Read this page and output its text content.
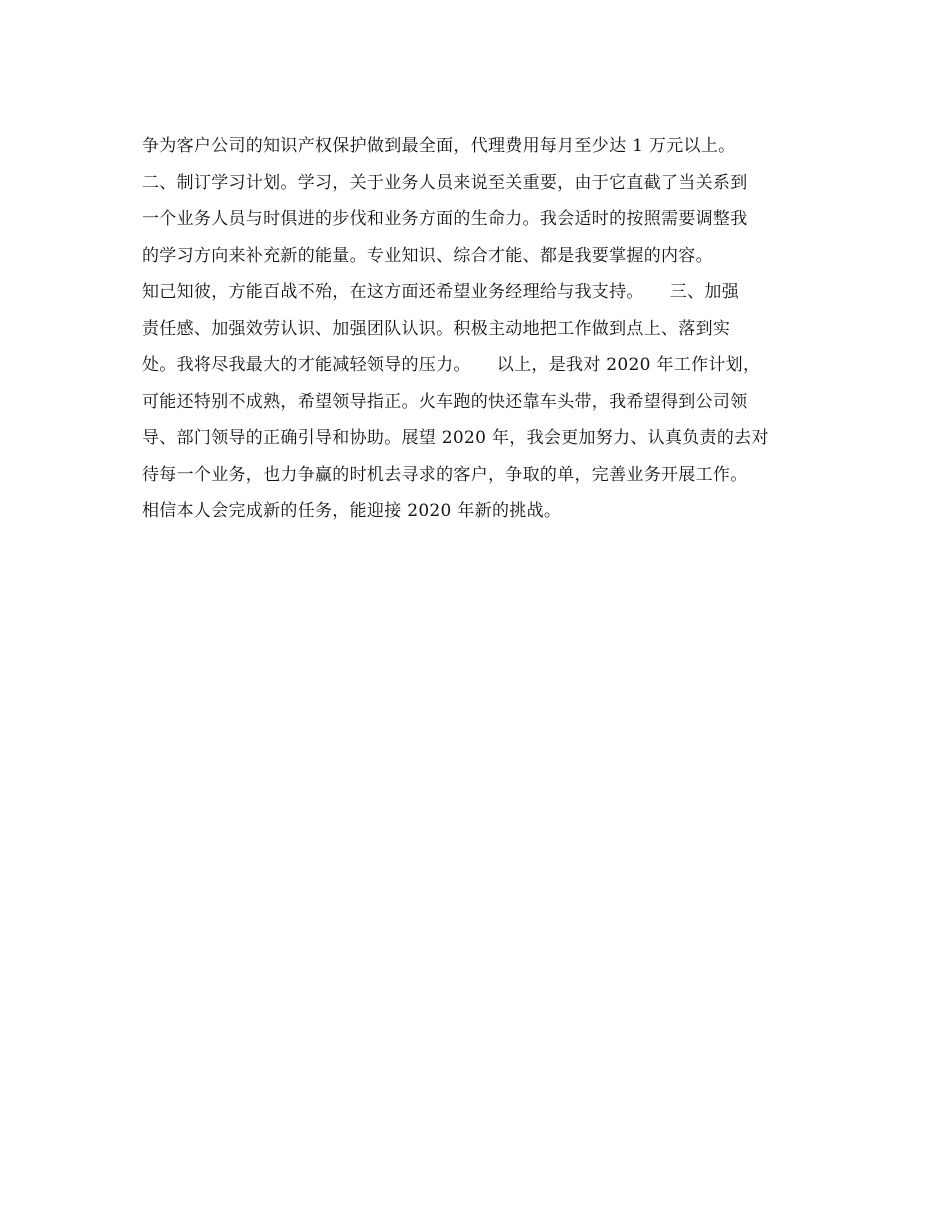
争为客户公司的知识产权保护做到最全面，代理费用每月至少达 1 万元以上。
二、制订学习计划。学习，关于业务人员来说至关重要，由于它直截了当关系到
一个业务人员与时俱进的步伐和业务方面的生命力。我会适时的按照需要调整我
的学习方向来补充新的能量。专业知识、综合才能、都是我要掌握的内容。
知己知彼，方能百战不殆，在这方面还希望业务经理给与我支持。　　三、加强
责任感、加强效劳认识、加强团队认识。积极主动地把工作做到点上、落到实
处。我将尽我最大的才能减轻领导的压力。　　以上，是我对 2020 年工作计划，
可能还特别不成熟，希望领导指正。火车跑的快还靠车头带，我希望得到公司领
导、部门领导的正确引导和协助。展望 2020 年，我会更加努力、认真负责的去对
待每一个业务，也力争赢的时机去寻求的客户，争取的单，完善业务开展工作。
相信本人会完成新的任务，能迎接 2020 年新的挑战。
